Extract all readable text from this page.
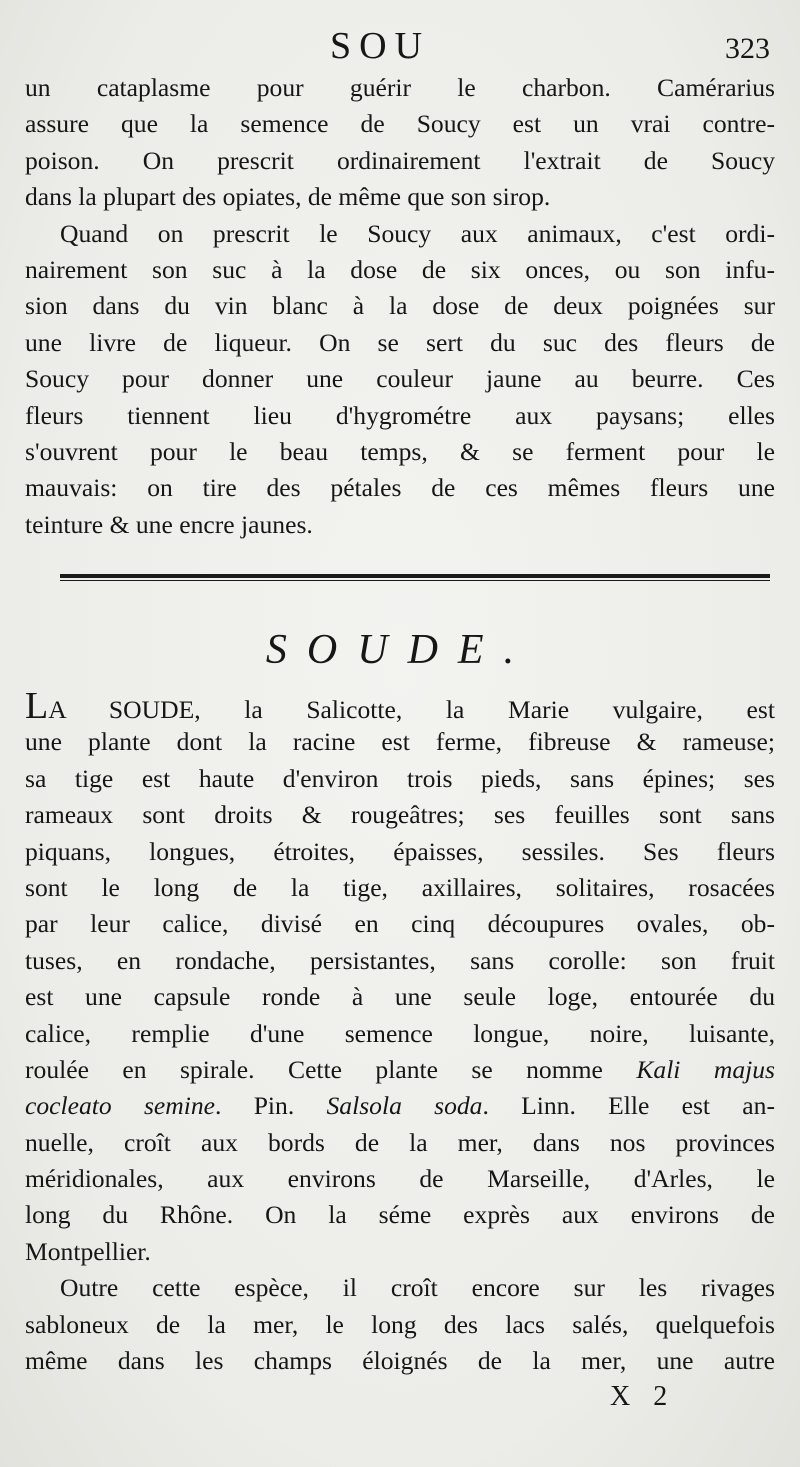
SOU	323
un cataplasme pour guérir le charbon. Camérarius
assure que la semence de Soucy est un vrai contre-
poison. On prescrit ordinairement l'extrait de Soucy
dans la plupart des opiates, de même que son sirop.
Quand on prescrit le Soucy aux animaux, c'est ordi-
nairement son suc à la dose de six onces, ou son infu-
sion dans du vin blanc à la dose de deux poignées sur
une livre de liqueur. On se sert du suc des fleurs de
Soucy pour donner une couleur jaune au beurre. Ces
fleurs tiennent lieu d'hygrométre aux paysans; elles
s'ouvrent pour le beau temps, & se ferment pour le
mauvais: on tire des pétales de ces mêmes fleurs une
teinture & une encre jaunes.
SOUDE.
LA SOUDE, la Salicotte, la Marie vulgaire, est
une plante dont la racine est ferme, fibreuse & rameuse;
sa tige est haute d'environ trois pieds, sans épines; ses
rameaux sont droits & rougeâtres; ses feuilles sont sans
piquans, longues, étroites, épaisses, sessiles. Ses fleurs
sont le long de la tige, axillaires, solitaires, rosacées
par leur calice, divisé en cinq découpures ovales, ob-
tuses, en rondache, persistantes, sans corolle: son fruit
est une capsule ronde à une seule loge, entourée du
calice, remplie d'une semence longue, noire, luisante,
roulée en spirale. Cette plante se nomme Kali majus
cocleato semine. Pin. Salsola soda. Linn. Elle est an-
nuelle, croît aux bords de la mer, dans nos provinces
méridionales, aux environs de Marseille, d'Arles, le
long du Rhône. On la séme exprès aux environs de
Montpellier.
Outre cette espèce, il croît encore sur les rivages
sabloneux de la mer, le long des lacs salés, quelquefois
même dans les champs éloignés de la mer, une autre
X 2
